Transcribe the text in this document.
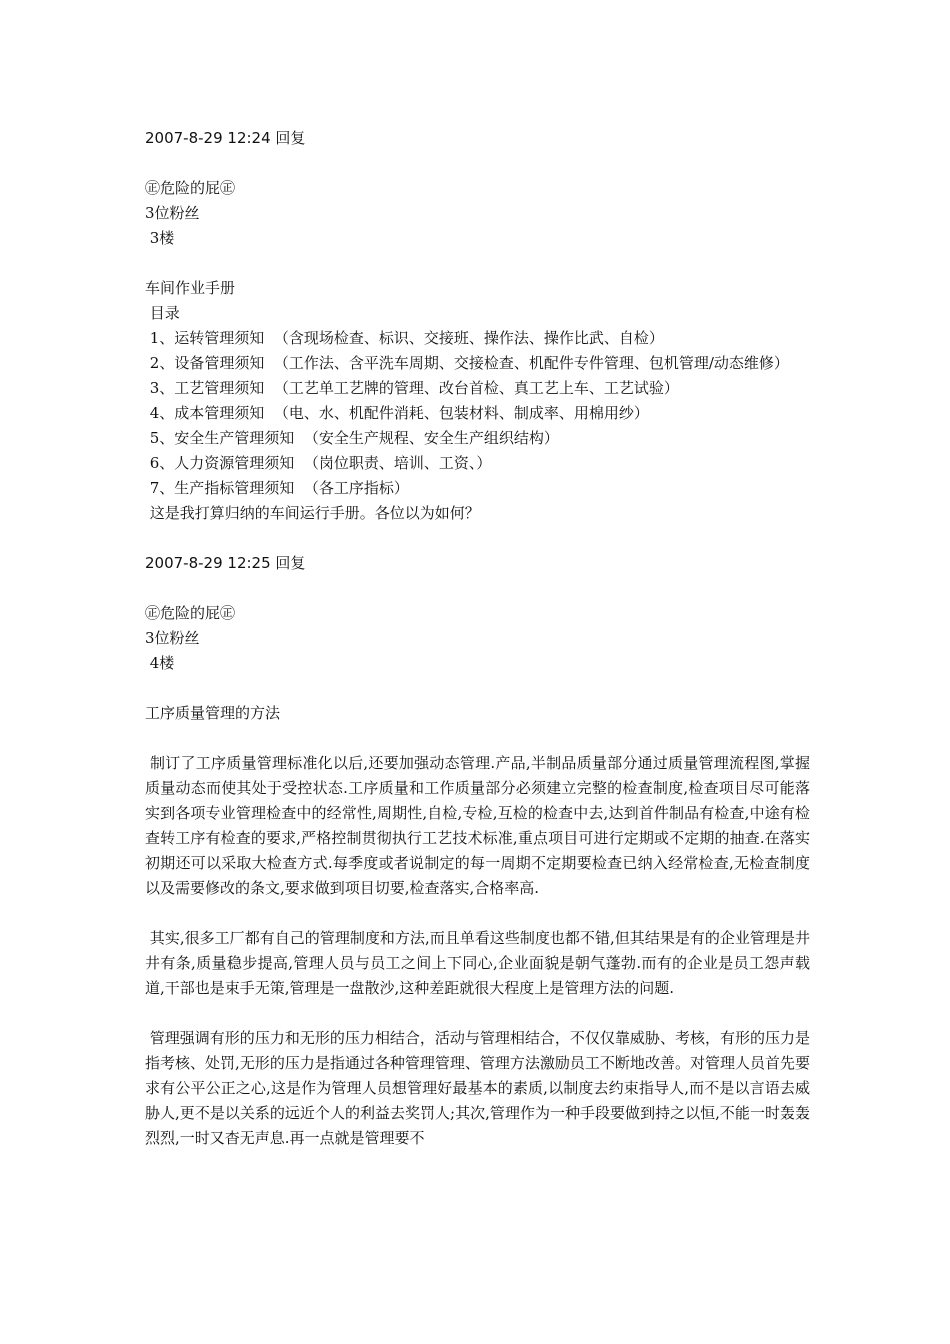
2007-8-29 12:24 回复
㊣危险的屁㊣
3位粉丝
3楼
车间作业手册
目录
1、运转管理须知  （含现场检查、标识、交接班、操作法、操作比武、自检）
2、设备管理须知  （工作法、含平洗车周期、交接检查、机配件专件管理、包机管理/动态维修）
3、工艺管理须知  （工艺单工艺牌的管理、改台首检、真工艺上车、工艺试验）
4、成本管理须知  （电、水、机配件消耗、包装材料、制成率、用棉用纱）
5、安全生产管理须知  （安全生产规程、安全生产组织结构）
6、人力资源管理须知  （岗位职责、培训、工资、）
7、生产指标管理须知  （各工序指标）
这是我打算归纳的车间运行手册。各位以为如何？
2007-8-29 12:25 回复
㊣危险的屁㊣
3位粉丝
4楼
工序质量管理的方法

制订了工序质量管理标准化以后,还要加强动态管理.产品,半制品质量部分通过质量管理流程图,掌握质量动态而使其处于受控状态.工序质量和工作质量部分必须建立完整的检查制度,检查项目尽可能落实到各项专业管理检查中的经常性,周期性,自检,专检,互检的检查中去,达到首件制品有检查,中途有检查转工序有检查的要求,严格控制贯彻执行工艺技术标准,重点项目可进行定期或不定期的抽查.在落实初期还可以采取大检查方式.每季度或者说制定的每一周期不定期要检查已纳入经常检查,无检查制度以及需要修改的条文,要求做到项目切要,检查落实,合格率高.

其实,很多工厂都有自己的管理制度和方法,而且单看这些制度也都不错,但其结果是有的企业管理是井井有条,质量稳步提高,管理人员与员工之间上下同心,企业面貌是朝气蓬勃.而有的企业是员工怨声载道,干部也是束手无策,管理是一盘散沙,这种差距就很大程度上是管理方法的问题.

管理强调有形的压力和无形的压力相结合，活动与管理相结合，不仅仅靠威胁、考核，有形的压力是指考核、处罚,无形的压力是指通过各种管理管理、管理方法激励员工不断地改善。对管理人员首先要求有公平公正之心,这是作为管理人员想管理好最基本的素质,以制度去约束指导人,而不是以言语去威胁人,更不是以关系的远近个人的利益去奖罚人;其次,管理作为一种手段要做到持之以恒,不能一时轰轰烈烈,一时又杳无声息.再一点就是管理要不
